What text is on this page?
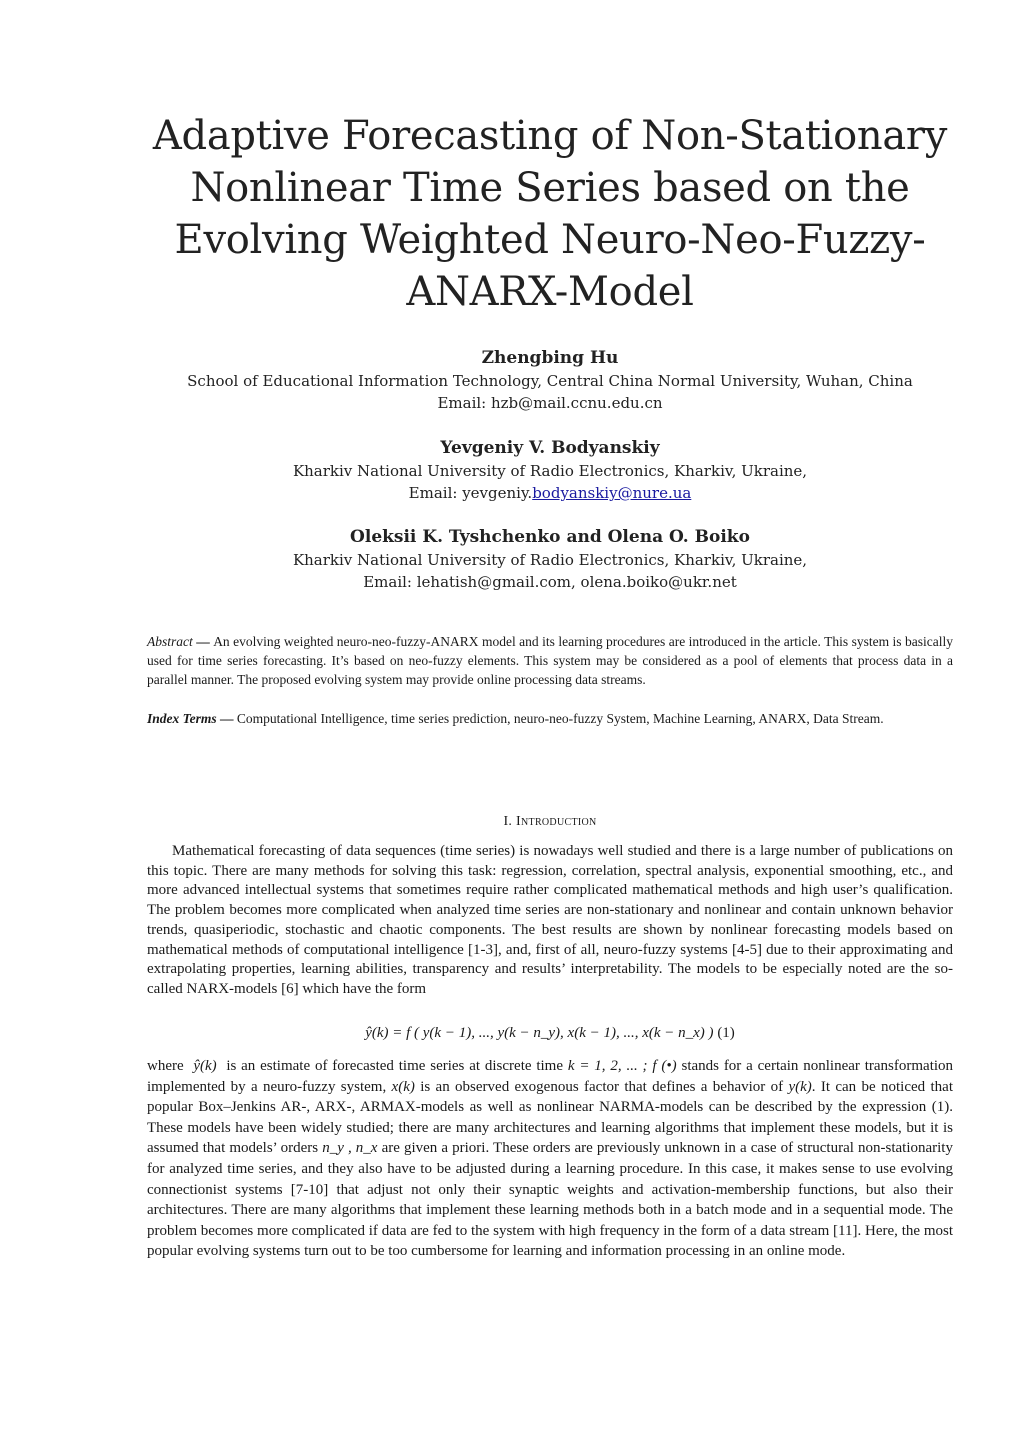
Adaptive Forecasting of Non-Stationary
Nonlinear Time Series based on the
Evolving Weighted Neuro-Neo-Fuzzy-
ANARX-Model
Zhengbing Hu
School of Educational Information Technology, Central China Normal University, Wuhan, China
Email: hzb@mail.ccnu.edu.cn
Yevgeniy V. Bodyanskiy
Kharkiv National University of Radio Electronics, Kharkiv, Ukraine,
Email: yevgeniy.bodyanskiy@nure.ua
Oleksii K. Tyshchenko and Olena O. Boiko
Kharkiv National University of Radio Electronics, Kharkiv, Ukraine,
Email: lehatish@gmail.com, olena.boiko@ukr.net
Abstract — An evolving weighted neuro-neo-fuzzy-ANARX model and its learning procedures are introduced in the article. This system is basically used for time series forecasting. It’s based on neo-fuzzy elements. This system may be considered as a pool of elements that process data in a parallel manner. The proposed evolving system may provide online processing data streams.
Index Terms — Computational Intelligence, time series prediction, neuro-neo-fuzzy System, Machine Learning, ANARX, Data Stream.
I. Introduction

Mathematical forecasting of data sequences (time series) is nowadays well studied and there is a large number of publications on this topic. There are many methods for solving this task: regression, correlation, spectral analysis, exponential smoothing, etc., and more advanced intellectual systems that sometimes require rather complicated mathematical methods and high user’s qualification. The problem becomes more complicated when analyzed time series are non-stationary and nonlinear and contain unknown behavior trends, quasiperiodic, stochastic and chaotic components. The best results are shown by nonlinear forecasting models based on mathematical methods of computational intelligence [1-3], and, first of all, neuro-fuzzy systems [4-5] due to their approximating and extrapolating properties, learning abilities, transparency and results’ interpretability. The models to be especially noted are the so-called NARX-models [6] which have the form

ŷ(k) = f ( y(k − 1), ..., y(k − n_y), x(k − 1), ..., x(k − n_x) ) (1)

where ŷ(k) is an estimate of forecasted time series at discrete time k = 1, 2, ... ; f (•) stands for a certain nonlinear transformation implemented by a neuro-fuzzy system, x(k) is an observed exogenous factor that defines a behavior of y(k). It can be noticed that popular Box–Jenkins AR-, ARX-, ARMAX-models as well as nonlinear NARMA-models can be described by the expression (1). These models have been widely studied; there are many architectures and learning algorithms that implement these models, but it is assumed that models’ orders n_y , n_x are given a priori. These orders are previously unknown in a case of structural non-stationarity for analyzed time series, and they also have to be adjusted during a learning procedure. In this case, it makes sense to use evolving connectionist systems [7-10] that adjust not only their synaptic weights and activation-membership functions, but also their architectures. There are many algorithms that implement these learning methods both in a batch mode and in a sequential mode. The problem becomes more complicated if data are fed to the system with high frequency in the form of a data stream [11]. Here, the most popular evolving systems turn out to be too cumbersome for learning and information processing in an online mode.
